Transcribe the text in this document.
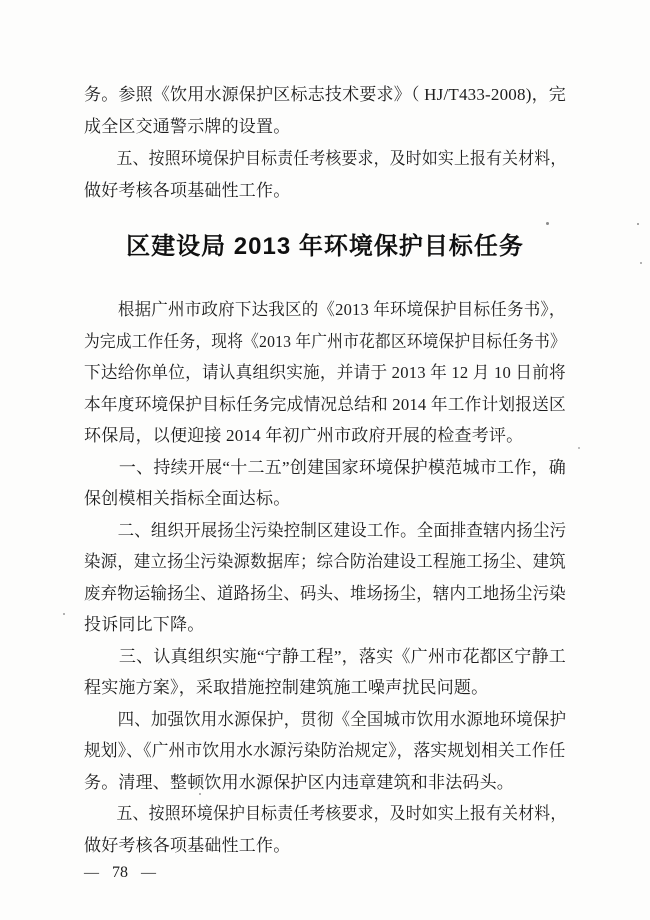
务。参照《饮用水源保护区标志技术要求》（ HJ/T433-2008)，完
成全区交通警示牌的设置。
五、按照环境保护目标责任考核要求，及时如实上报有关材料，
做好考核各项基础性工作。
区建设局 2013 年环境保护目标任务
根据广州市政府下达我区的《2013 年环境保护目标任务书》，
为完成工作任务，现将《2013 年广州市花都区环境保护目标任务书》
下达给你单位，请认真组织实施，并请于 2013 年 12 月 10 日前将
本年度环境保护目标任务完成情况总结和 2014 年工作计划报送区
环保局，以便迎接 2014 年初广州市政府开展的检查考评。
一、持续开展“十二五”创建国家环境保护模范城市工作，确
保创模相关指标全面达标。
二、组织开展扬尘污染控制区建设工作。全面排查辖内扬尘污
染源，建立扬尘污染源数据库；综合防治建设工程施工扬尘、建筑
废弃物运输扬尘、道路扬尘、码头、堆场扬尘，辖内工地扬尘污染
投诉同比下降。
三、认真组织实施“宁静工程”，落实《广州市花都区宁静工
程实施方案》，采取措施控制建筑施工噪声扰民问题。
四、加强饮用水源保护，贯彻《全国城市饮用水源地环境保护
规划》、《广州市饮用水水源污染防治规定》，落实规划相关工作任
务。清理、整顿饮用水源保护区内违章建筑和非法码头。
五、按照环境保护目标责任考核要求，及时如实上报有关材料，
做好考核各项基础性工作。
— 78 —
